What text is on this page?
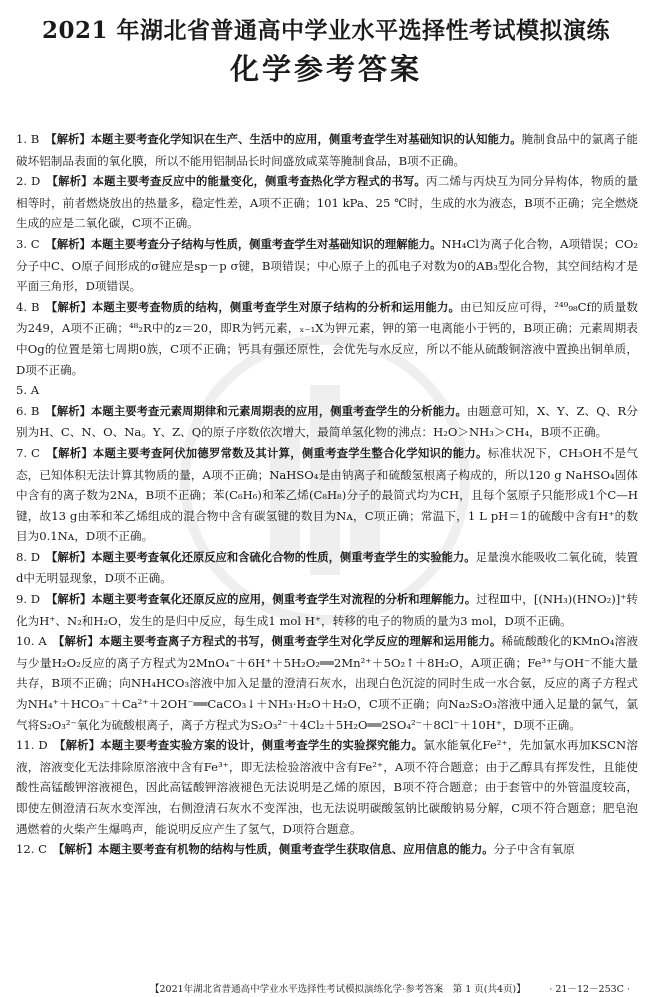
2021 年湖北省普通高中学业水平选择性考试模拟演练
化学参考答案

1. B　 【解析】本题主要考查化学知识在生产、生活中的应用，侧重考查学生对基础知识的认知能力。腌制食品中的氯离子能破坏铝制品表面的氧化膜，所以不能用铝制品长时间盛放咸菜等腌制食品，B项不正确。

2. D　 【解析】本题主要考查反应中的能量变化，侧重考查热化学方程式的书写。丙二烯与丙炔互为同分异构体，物质的量相等时，前者燃烧放出的热量多，稳定性差，A项不正确；101 kPa、25 ℃时，生成的水为液态，B项不正确；完全燃烧生成的应是二氧化碳，C项不正确。

3. C　 【解析】本题主要考查分子结构与性质，侧重考查学生对基础知识的理解能力。NH₄Cl为离子化合物，A项错误；CO₂分子中C、O原子间形成的σ键应是sp－p σ键，B项错误；中心原子上的孤电子对数为0的AB₃型化合物，其空间结构才是平面三角形，D项错误。

4. B　 【解析】本题主要考查物质的结构，侧重考查学生对原子结构的分析和运用能力。由已知反应可得，²⁴⁹₉₈Cf的质量数为249，A项不正确；⁴⁸₂R中的z＝20，即R为钙元素，ₓ₋₁X为钾元素，钾的第一电离能小于钙的，B项正确；元素周期表中Og的位置是第七周期0族，C项不正确；钙具有强还原性，会优先与水反应，所以不能从硫酸铜溶液中置换出铜单质，D项不正确。

5. A

6. B　 【解析】本题主要考查元素周期律和元素周期表的应用，侧重考查学生的分析能力。由题意可知，X、Y、Z、Q、R分别为H、C、N、O、Na。Y、Z、Q的原子序数依次增大，最简单氢化物的沸点：H₂O＞NH₃＞CH₄，B项不正确。

7. C　 【解析】本题主要考查阿伏加德罗常数及其计算，侧重考查学生整合化学知识的能力。标准状况下，CH₃OH不是气态，已知体积无法计算其物质的量，A项不正确；NaHSO₄是由钠离子和硫酸氢根离子构成的，所以120 g NaHSO₄固体中含有的离子数为2Nᴀ，B项不正确；苯(C₆H₆)和苯乙烯(C₈H₈)分子的最简式均为CH，且每个氢原子只能形成1个C—H键，故13 g由苯和苯乙烯组成的混合物中含有碳氢键的数目为Nᴀ，C项正确；常温下，1 L pH＝1的硫酸中含有H⁺的数目为0.1Nᴀ，D项不正确。

8. D　 【解析】本题主要考查氧化还原反应和含硫化合物的性质，侧重考查学生的实验能力。足量溴水能吸收二氧化硫，装置d中无明显现象，D项不正确。

9. D　 【解析】本题主要考查氧化还原反应的应用，侧重考查学生对流程的分析和理解能力。过程Ⅲ中，[(NH₃)(HNO₂)]⁺转化为H⁺、N₂和H₂O，发生的是归中反应，每生成1 mol H⁺，转移的电子的物质的量为3 mol，D项不正确。

10. A　 【解析】本题主要考查离子方程式的书写，侧重考查学生对化学反应的理解和运用能力。稀硫酸酸化的KMnO₄溶液与少量H₂O₂反应的离子方程式为2MnO₄⁻＋6H⁺＋5H₂O₂══2Mn²⁺＋5O₂↑＋8H₂O，A项正确；Fe³⁺与OH⁻不能大量共存，B项不正确；向NH₄HCO₃溶液中加入足量的澄清石灰水，出现白色沉淀的同时生成一水合氨，反应的离子方程式为NH₄⁺＋HCO₃⁻＋Ca²⁺＋2OH⁻══CaCO₃↓＋NH₃·H₂O＋H₂O，C项不正确；向Na₂S₂O₃溶液中通入足量的氯气，氯气将S₂O₃²⁻氧化为硫酸根离子，离子方程式为S₂O₃²⁻＋4Cl₂＋5H₂O══2SO₄²⁻＋8Cl⁻＋10H⁺，D项不正确。

11. D　 【解析】本题主要考查实验方案的设计，侧重考查学生的实验探究能力。氯水能氧化Fe²⁺，先加氯水再加KSCN溶液，溶液变化无法排除原溶液中含有Fe³⁺，即无法检验溶液中含有Fe²⁺，A项不符合题意；由于乙醇具有挥发性，且能使酸性高锰酸钾溶液褪色，因此高锰酸钾溶液褪色无法说明是乙烯的原因，B项不符合题意；由于套管中的外管温度较高，即使左侧澄清石灰水变浑浊，右侧澄清石灰水不变浑浊，也无法说明碳酸氢钠比碳酸钠易分解，C项不符合题意；肥皂泡遇燃着的火柴产生爆鸣声，能说明反应产生了氢气，D项符合题意。

12. C　 【解析】本题主要考查有机物的结构与性质，侧重考查学生获取信息、应用信息的能力。分子中含有氧原

【2021年湖北省普通高中学业水平选择性考试模拟演练化学·参考答案　第 1 页(共4页)】 · 21－12－253C ·
